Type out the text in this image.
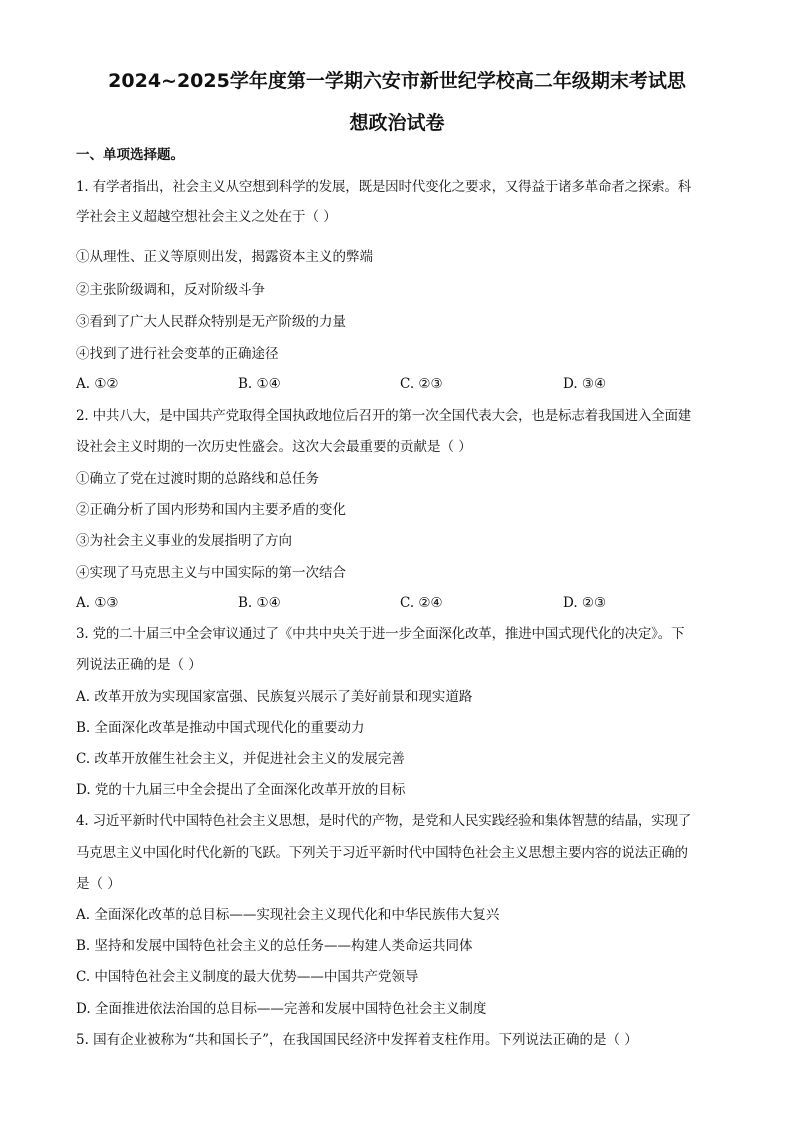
2024~2025学年度第一学期六安市新世纪学校高二年级期末考试思
想政治试卷
一、单项选择题。
1. 有学者指出，社会主义从空想到科学的发展，既是因时代变化之要求，又得益于诸多革命者之探索。科
学社会主义超越空想社会主义之处在于（ ）
①从理性、正义等原则出发，揭露资本主义的弊端
②主张阶级调和，反对阶级斗争
③看到了广大人民群众特别是无产阶级的力量
④找到了进行社会变革的正确途径
A. ①②	B. ①④	C. ②③	D. ③④
2. 中共八大，是中国共产党取得全国执政地位后召开的第一次全国代表大会，也是标志着我国进入全面建
设社会主义时期的一次历史性盛会。这次大会最重要的贡献是（ ）
①确立了党在过渡时期的总路线和总任务
②正确分析了国内形势和国内主要矛盾的变化
③为社会主义事业的发展指明了方向
④实现了马克思主义与中国实际的第一次结合
A. ①③	B. ①④	C. ②④	D. ②③
3. 党的二十届三中全会审议通过了《中共中央关于进一步全面深化改革，推进中国式现代化的决定》。下
列说法正确的是（ ）
A. 改革开放为实现国家富强、民族复兴展示了美好前景和现实道路
B. 全面深化改革是推动中国式现代化的重要动力
C. 改革开放催生社会主义，并促进社会主义的发展完善
D. 党的十九届三中全会提出了全面深化改革开放的目标
4. 习近平新时代中国特色社会主义思想，是时代的产物，是党和人民实践经验和集体智慧的结晶，实现了
马克思主义中国化时代化新的飞跃。下列关于习近平新时代中国特色社会主义思想主要内容的说法正确的
是（ ）
A. 全面深化改革的总目标——实现社会主义现代化和中华民族伟大复兴
B. 坚持和发展中国特色社会主义的总任务——构建人类命运共同体
C. 中国特色社会主义制度的最大优势——中国共产党领导
D. 全面推进依法治国的总目标——完善和发展中国特色社会主义制度
5. 国有企业被称为“共和国长子”，在我国国民经济中发挥着支柱作用。下列说法正确的是（ ）
